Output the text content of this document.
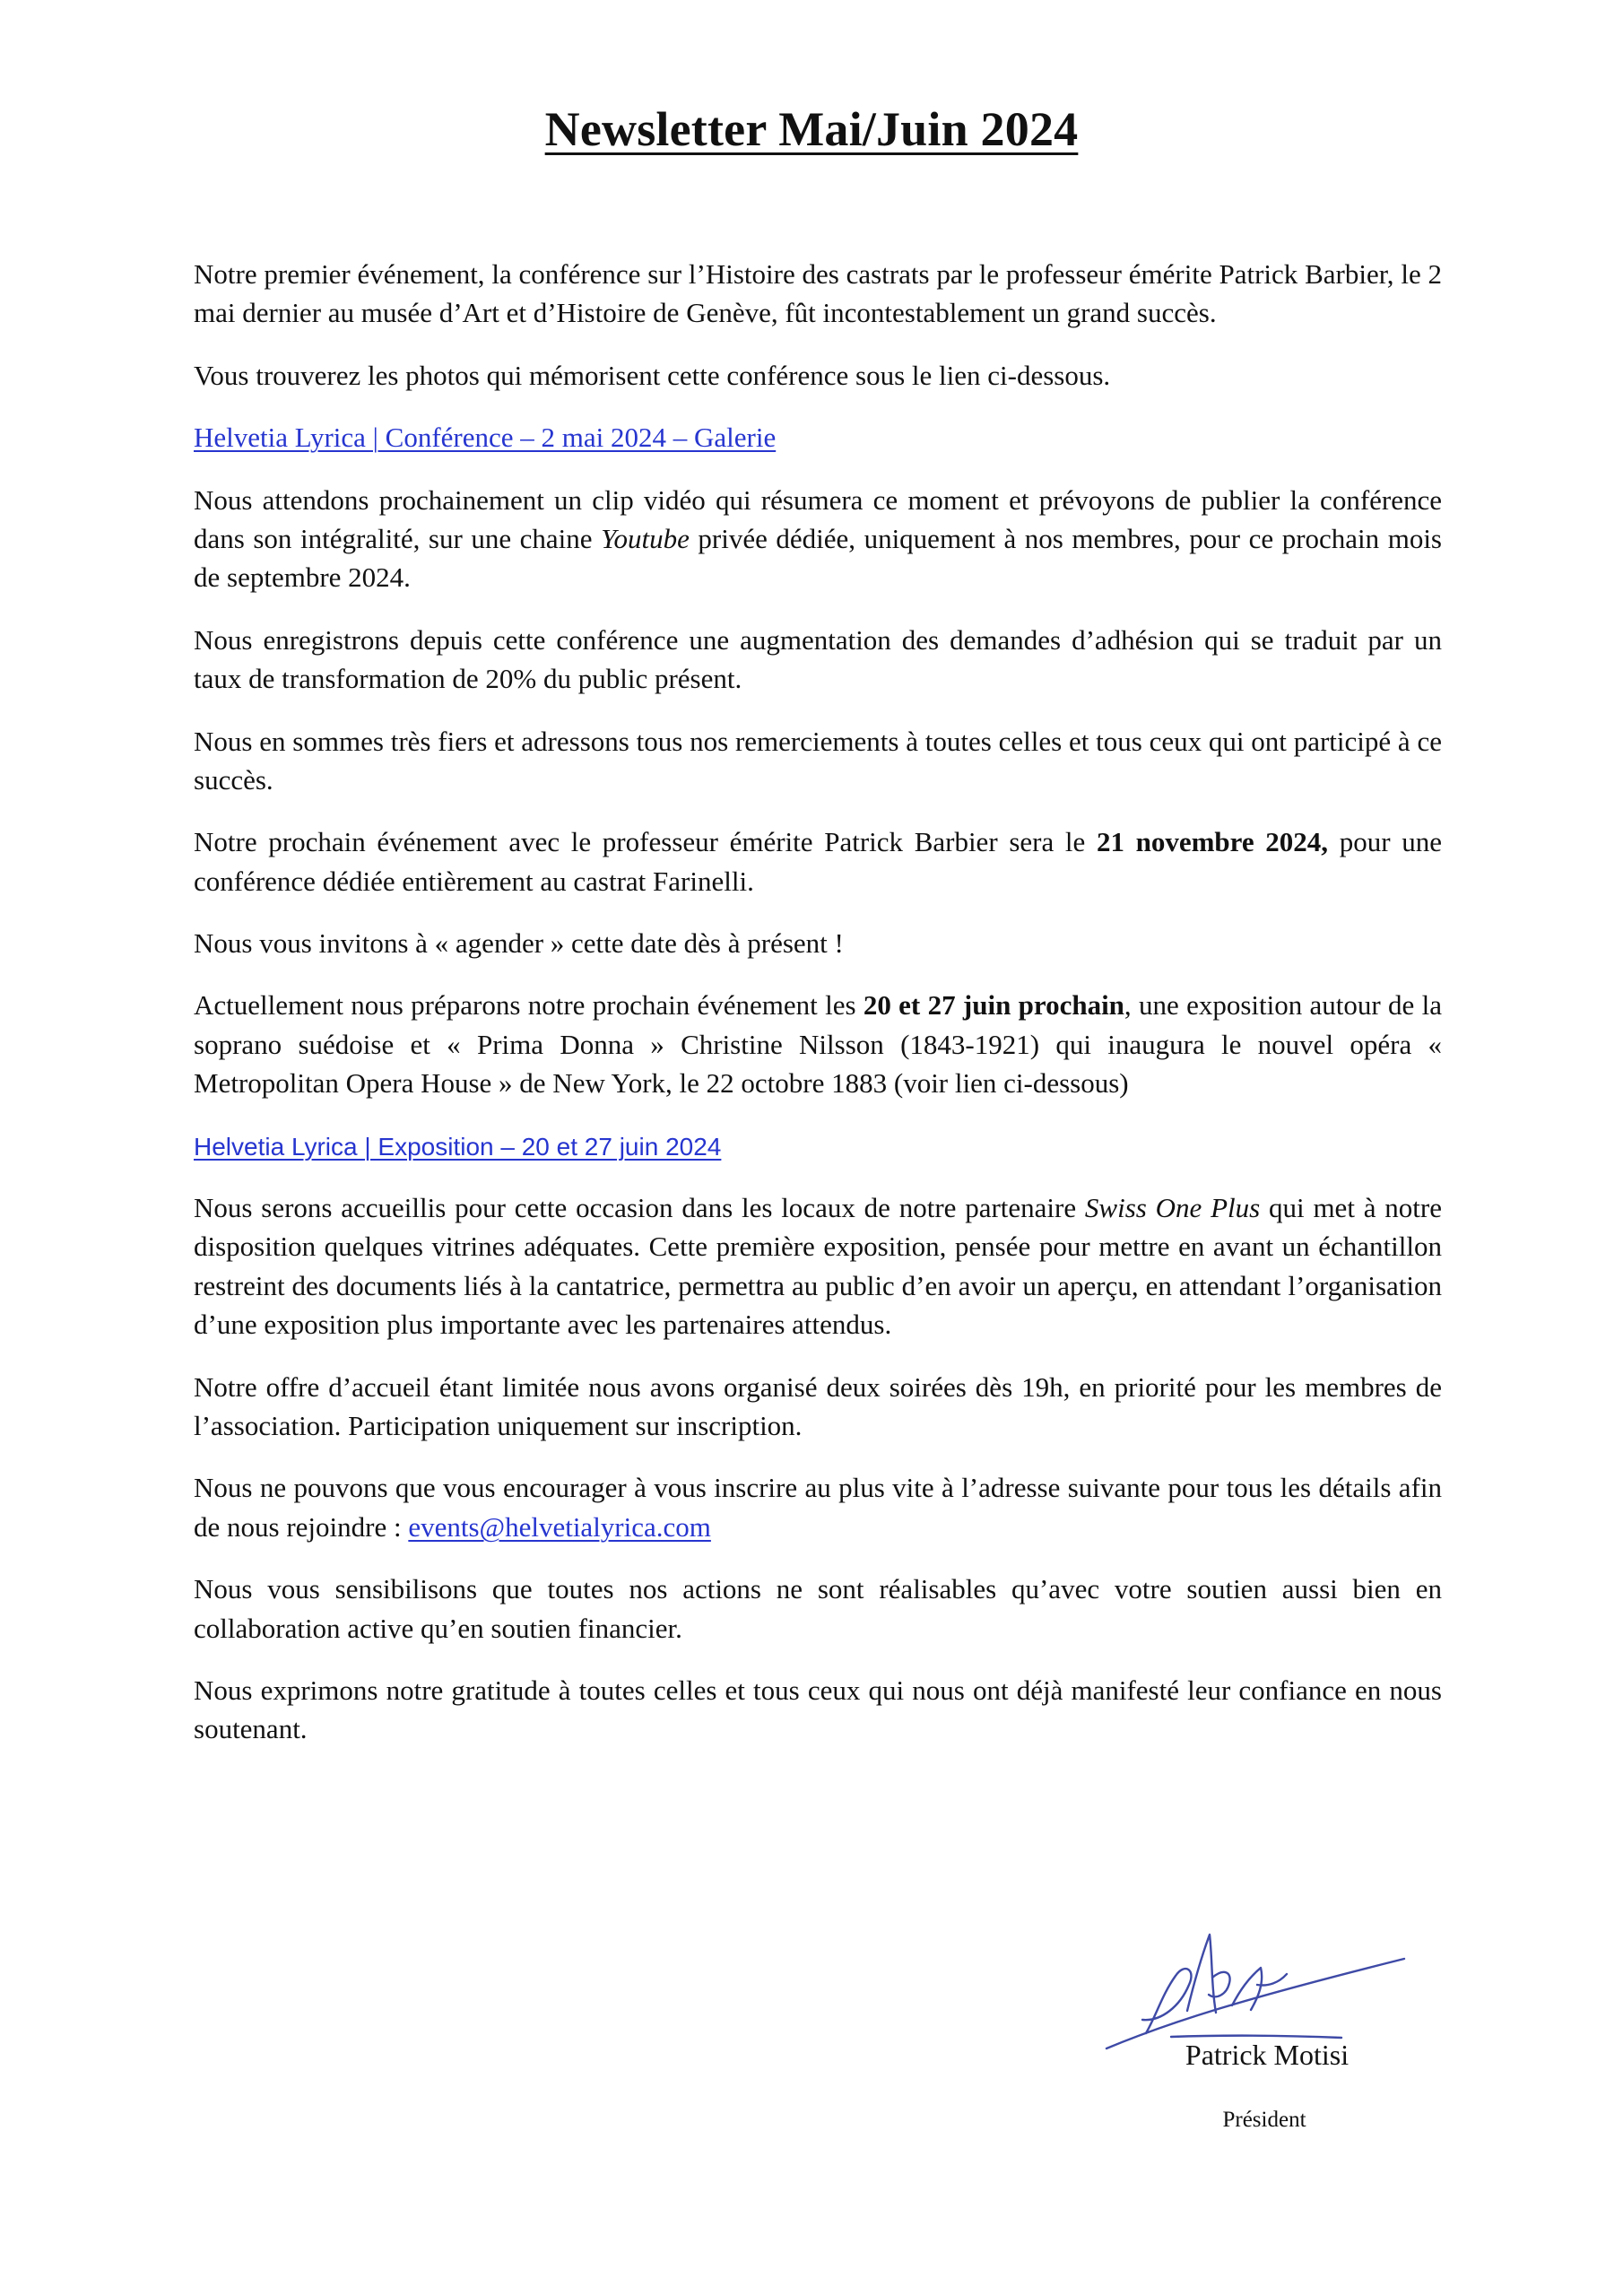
Newsletter Mai/Juin 2024

Notre premier événement, la conférence sur l’Histoire des castrats par le professeur émérite Patrick Barbier, le 2 mai dernier au musée d’Art et d’Histoire de Genève, fût incontestablement un grand succès.

Vous trouverez les photos qui mémorisent cette conférence sous le lien ci-dessous.

Helvetia Lyrica | Conférence – 2 mai 2024 – Galerie

Nous attendons prochainement un clip vidéo qui résumera ce moment et prévoyons de publier la conférence dans son intégralité, sur une chaine Youtube privée dédiée, uniquement à nos membres, pour ce prochain mois de septembre 2024.

Nous enregistrons depuis cette conférence une augmentation des demandes d’adhésion qui se traduit par un taux de transformation de 20% du public présent.

Nous en sommes très fiers et adressons tous nos remerciements à toutes celles et tous ceux qui ont participé à ce succès.

Notre prochain événement avec le professeur émérite Patrick Barbier sera le 21 novembre 2024, pour une conférence dédiée entièrement au castrat Farinelli.

Nous vous invitons à « agender » cette date dès à présent !

Actuellement nous préparons notre prochain événement les 20 et 27 juin prochain, une exposition autour de la soprano suédoise et « Prima Donna » Christine Nilsson (1843-1921) qui inaugura le nouvel opéra « Metropolitan Opera House » de New York, le 22 octobre 1883 (voir lien ci-dessous)

Helvetia Lyrica | Exposition – 20 et 27 juin 2024

Nous serons accueillis pour cette occasion dans les locaux de notre partenaire Swiss One Plus qui met à notre disposition quelques vitrines adéquates. Cette première exposition, pensée pour mettre en avant un échantillon restreint des documents liés à la cantatrice, permettra au public d’en avoir un aperçu, en attendant l’organisation d’une exposition plus importante avec les partenaires attendus.

Notre offre d’accueil étant limitée nous avons organisé deux soirées dès 19h, en priorité pour les membres de l’association. Participation uniquement sur inscription.

Nous ne pouvons que vous encourager à vous inscrire au plus vite à l’adresse suivante pour tous les détails afin de nous rejoindre : events@helvetialyrica.com

Nous vous sensibilisons que toutes nos actions ne sont réalisables qu’avec votre soutien aussi bien en collaboration active qu’en soutien financier.

Nous exprimons notre gratitude à toutes celles et tous ceux qui nous ont déjà manifesté leur confiance en nous soutenant.

Patrick Motisi
Président
